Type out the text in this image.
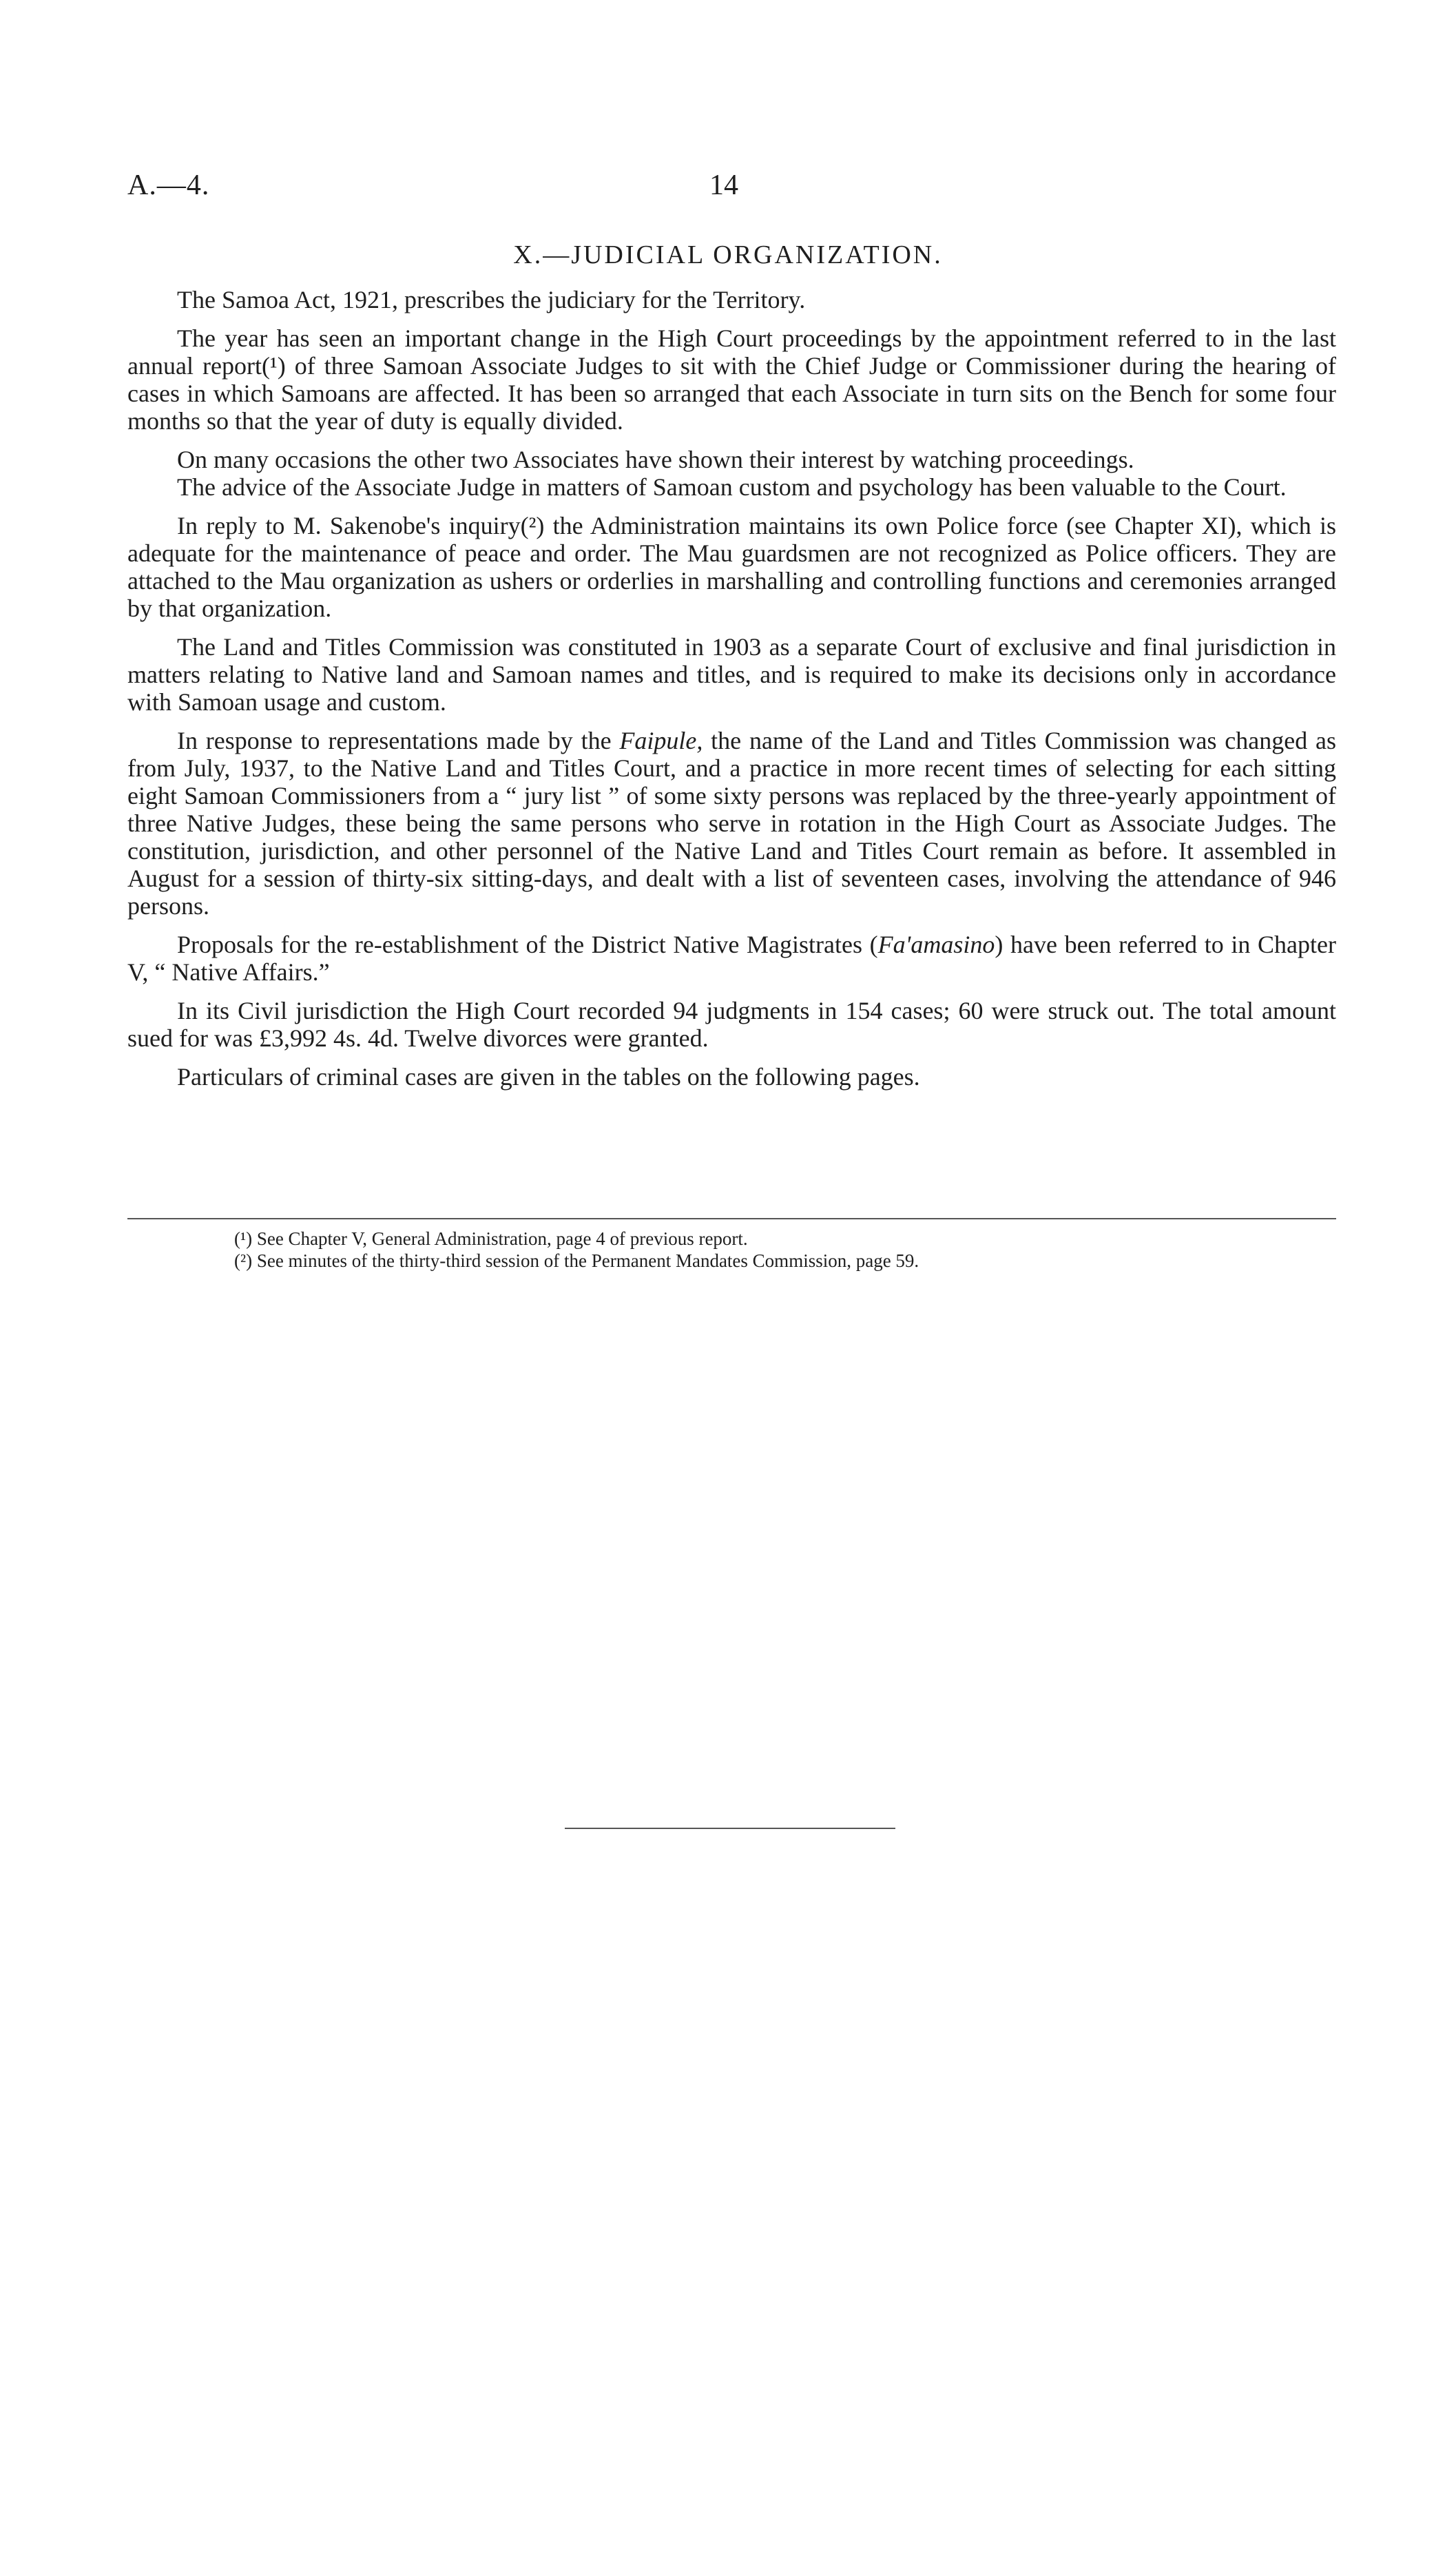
A.—4.	14
X.—JUDICIAL ORGANIZATION.

The Samoa Act, 1921, prescribes the judiciary for the Territory.

The year has seen an important change in the High Court proceedings by the appointment referred to in the last annual report(¹) of three Samoan Associate Judges to sit with the Chief Judge or Commissioner during the hearing of cases in which Samoans are affected. It has been so arranged that each Associate in turn sits on the Bench for some four months so that the year of duty is equally divided.

On many occasions the other two Associates have shown their interest by watching proceedings.

The advice of the Associate Judge in matters of Samoan custom and psychology has been valuable to the Court.

In reply to M. Sakenobe's inquiry(²) the Administration maintains its own Police force (see Chapter XI), which is adequate for the maintenance of peace and order. The Mau guardsmen are not recognized as Police officers. They are attached to the Mau organization as ushers or orderlies in marshalling and controlling functions and ceremonies arranged by that organization.

The Land and Titles Commission was constituted in 1903 as a separate Court of exclusive and final jurisdiction in matters relating to Native land and Samoan names and titles, and is required to make its decisions only in accordance with Samoan usage and custom.

In response to representations made by the Faipule, the name of the Land and Titles Commission was changed as from July, 1937, to the Native Land and Titles Court, and a practice in more recent times of selecting for each sitting eight Samoan Commissioners from a “ jury list ” of some sixty persons was replaced by the three-yearly appointment of three Native Judges, these being the same persons who serve in rotation in the High Court as Associate Judges. The constitution, jurisdiction, and other personnel of the Native Land and Titles Court remain as before. It assembled in August for a session of thirty-six sitting-days, and dealt with a list of seventeen cases, involving the attendance of 946 persons.

Proposals for the re-establishment of the District Native Magistrates (Fa'amasino) have been referred to in Chapter V, “ Native Affairs.”

In its Civil jurisdiction the High Court recorded 94 judgments in 154 cases; 60 were struck out. The total amount sued for was £3,992 4s. 4d. Twelve divorces were granted.

Particulars of criminal cases are given in the tables on the following pages.

(¹) See Chapter V, General Administration, page 4 of previous report.
(²) See minutes of the thirty-third session of the Permanent Mandates Commission, page 59.
